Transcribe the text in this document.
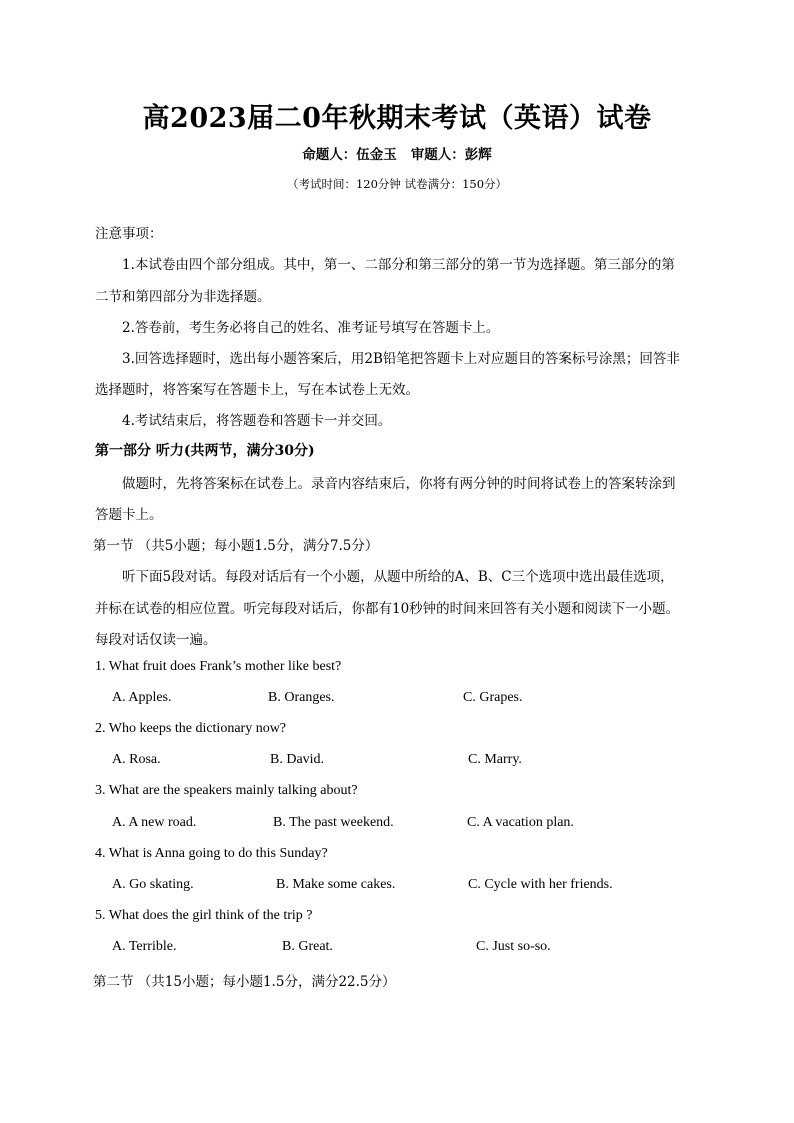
高2023届二0年秋期末考试（英语）试卷
命题人：伍金玉 审题人：彭辉
（考试时间：120分钟 试卷满分：150分）
注意事项：
1.本试卷由四个部分组成。其中，第一、二部分和第三部分的第一节为选择题。第三部分的第
二节和第四部分为非选择题。
2.答卷前，考生务必将自己的姓名、准考证号填写在答题卡上。
3.回答选择题时，选出每小题答案后，用2B铅笔把答题卡上对应题目的答案标号涂黑；回答非
选择题时，将答案写在答题卡上，写在本试卷上无效。
4.考试结束后，将答题卷和答题卡一并交回。
第一部分 听力(共两节，满分30分)
做题时，先将答案标在试卷上。录音内容结束后，你将有两分钟的时间将试卷上的答案转涂到
答题卡上。
第一节 （共5小题；每小题1.5分，满分7.5分）
听下面5段对话。每段对话后有一个小题，从题中所给的A、B、C三个选项中选出最佳选项，
并标在试卷的相应位置。听完每段对话后，你都有10秒钟的时间来回答有关小题和阅读下一小题。
每段对话仅读一遍。
1. What fruit does Frank’s mother like best?
A. Apples.	B. Oranges.	C. Grapes.
2. Who keeps the dictionary now?
A. Rosa.	B. David.	C. Marry.
3. What are the speakers mainly talking about?
A. A new road.	B. The past weekend.	C. A vacation plan.
4. What is Anna going to do this Sunday?
A. Go skating.	B. Make some cakes.	C. Cycle with her friends.
5. What does the girl think of the trip ?
A. Terrible.	B. Great.	C. Just so-so.
第二节 （共15小题；每小题1.5分，满分22.5分）
